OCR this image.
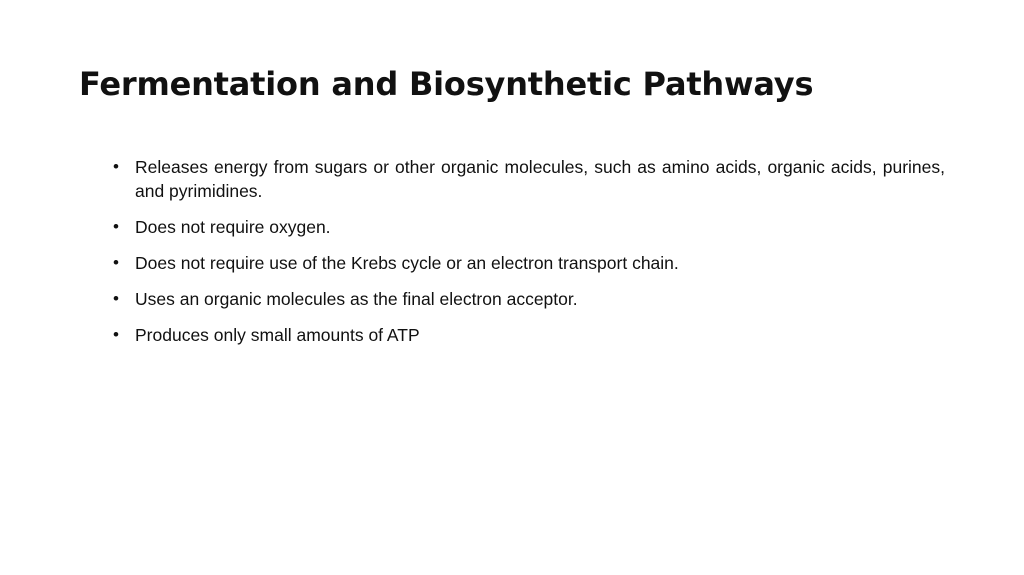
Fermentation and Biosynthetic Pathways
• Releases energy from sugars or other organic molecules, such as amino acids, organic acids, purines, and pyrimidines.
• Does not require oxygen.
• Does not require use of the Krebs cycle or an electron transport chain.
• Uses an organic molecules as the final electron acceptor.
• Produces only small amounts of ATP
